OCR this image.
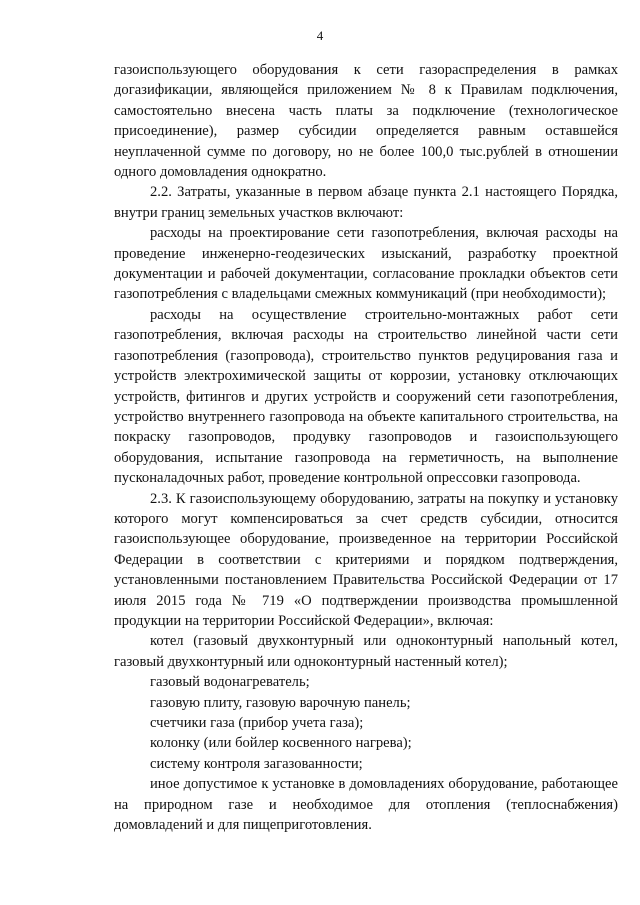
4

газоиспользующего оборудования к сети газораспределения в рамках догазификации, являющейся приложением № 8 к Правилам подключения, самостоятельно внесена часть платы за подключение (технологическое присоединение), размер субсидии определяется равным оставшейся неуплаченной сумме по договору, но не более 100,0 тыс.рублей в отношении одного домовладения однократно.

2.2. Затраты, указанные в первом абзаце пункта 2.1 настоящего Порядка, внутри границ земельных участков включают:

расходы на проектирование сети газопотребления, включая расходы на проведение инженерно-геодезических изысканий, разработку проектной документации и рабочей документации, согласование прокладки объектов сети газопотребления с владельцами смежных коммуникаций (при необходимости);

расходы на осуществление строительно-монтажных работ сети газопотребления, включая расходы на строительство линейной части сети газопотребления (газопровода), строительство пунктов редуцирования газа и устройств электрохимической защиты от коррозии, установку отключающих устройств, фитингов и других устройств и сооружений сети газопотребления, устройство внутреннего газопровода на объекте капитального строительства, на покраску газопроводов, продувку газопроводов и газоиспользующего оборудования, испытание газопровода на герметичность, на выполнение пусконаладочных работ, проведение контрольной опрессовки газопровода.

2.3. К газоиспользующему оборудованию, затраты на покупку и установку которого могут компенсироваться за счет средств субсидии, относится газоиспользующее оборудование, произведенное на территории Российской Федерации в соответствии с критериями и порядком подтверждения, установленными постановлением Правительства Российской Федерации от 17 июля 2015 года № 719 «О подтверждении производства промышленной продукции на территории Российской Федерации», включая:

котел (газовый двухконтурный или одноконтурный напольный котел, газовый двухконтурный или одноконтурный настенный котел);

газовый водонагреватель;

газовую плиту, газовую варочную панель;

счетчики газа (прибор учета газа);

колонку (или бойлер косвенного нагрева);

систему контроля загазованности;

иное допустимое к установке в домовладениях оборудование, работающее на природном газе и необходимое для отопления (теплоснабжения) домовладений и для пищеприготовления.
